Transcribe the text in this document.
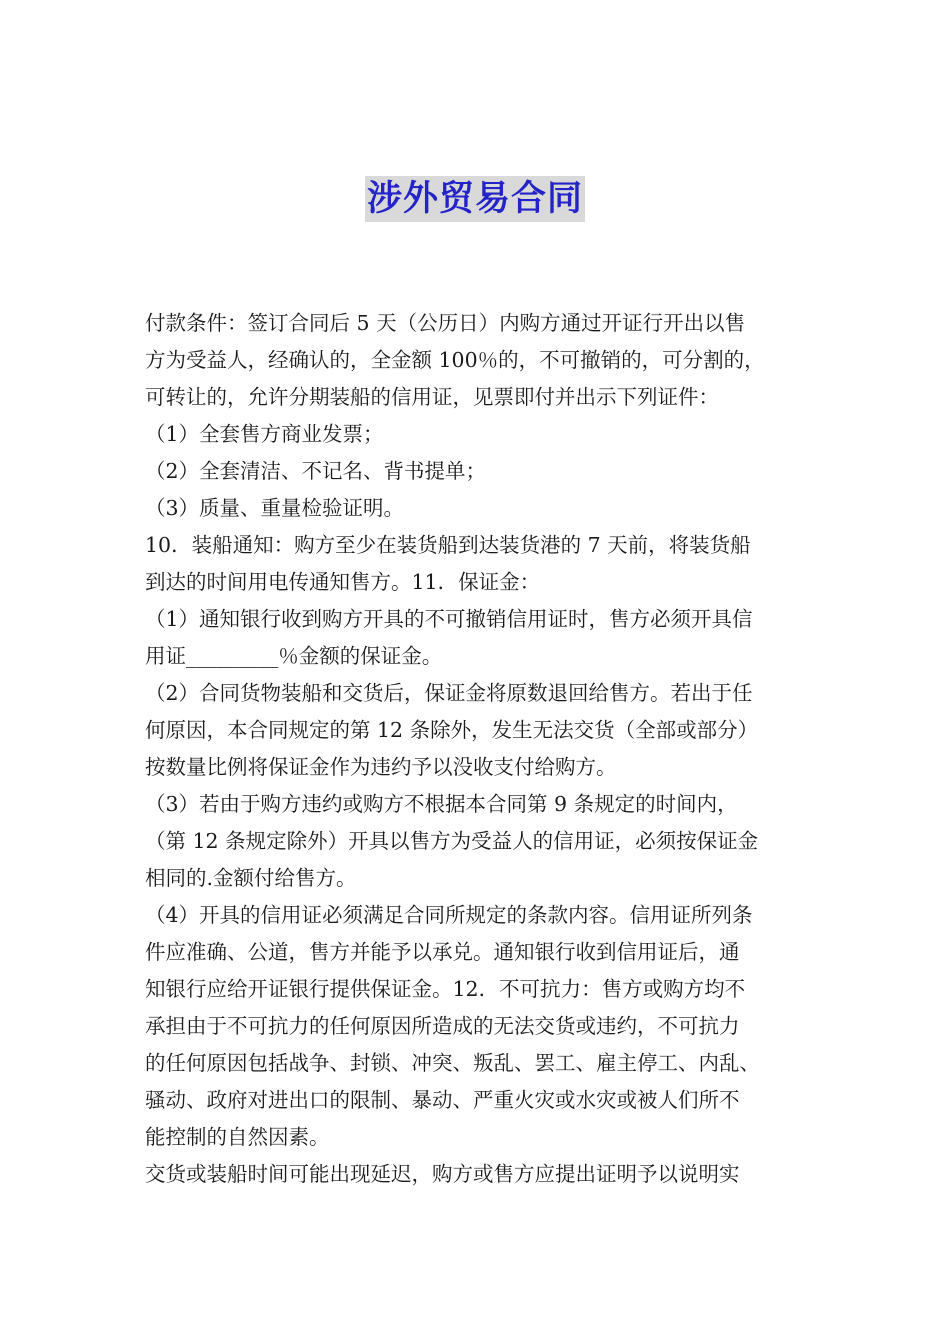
涉外贸易合同
付款条件：签订合同后 5 天（公历日）内购方通过开证行开出以售
方为受益人，经确认的，全金额 100％的，不可撤销的，可分割的，
可转让的，允许分期装船的信用证，见票即付并出示下列证件：
（1）全套售方商业发票；
（2）全套清洁、不记名、背书提单；
（3）质量、重量检验证明。
10．装船通知：购方至少在装货船到达装货港的 7 天前，将装货船
到达的时间用电传通知售方。11．保证金：
（1）通知银行收到购方开具的不可撤销信用证时，售方必须开具信
用证_________％金额的保证金。
（2）合同货物装船和交货后，保证金将原数退回给售方。若出于任
何原因，本合同规定的第 12 条除外，发生无法交货（全部或部分）
按数量比例将保证金作为违约予以没收支付给购方。
（3）若由于购方违约或购方不根据本合同第 9 条规定的时间内，
（第 12 条规定除外）开具以售方为受益人的信用证，必须按保证金
相同的.金额付给售方。
（4）开具的信用证必须满足合同所规定的条款内容。信用证所列条
件应准确、公道，售方并能予以承兑。通知银行收到信用证后，通
知银行应给开证银行提供保证金。12．不可抗力：售方或购方均不
承担由于不可抗力的任何原因所造成的无法交货或违约，不可抗力
的任何原因包括战争、封锁、冲突、叛乱、罢工、雇主停工、内乱、
骚动、政府对进出口的限制、暴动、严重火灾或水灾或被人们所不
能控制的自然因素。
交货或装船时间可能出现延迟，购方或售方应提出证明予以说明实
